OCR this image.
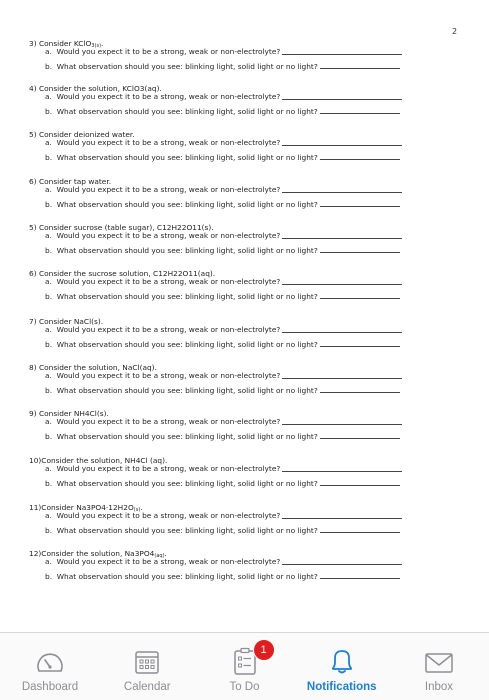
2
3) Consider KClO$_{3(s)}$.
a.  Would you expect it to be a strong, weak or non-electrolyte?
b.  What observation should you see: blinking light, solid light or no light?
4) Consider the solution, KClO3(aq).
a.  Would you expect it to be a strong, weak or non-electrolyte?
b.  What observation should you see: blinking light, solid light or no light?
5) Consider deionized water.
a.  Would you expect it to be a strong, weak or non-electrolyte?
b.  What observation should you see: blinking light, solid light or no light?
6) Consider tap water.
a.  Would you expect it to be a strong, weak or non-electrolyte?
b.  What observation should you see: blinking light, solid light or no light?
5) Consider sucrose (table sugar), C12H22O11(s).
a.  Would you expect it to be a strong, weak or non-electrolyte?
b.  What observation should you see: blinking light, solid light or no light?
6) Consider the sucrose solution, C12H22O11(aq).
a.  Would you expect it to be a strong, weak or non-electrolyte?
b.  What observation should you see: blinking light, solid light or no light?
7) Consider NaCl(s).
a.  Would you expect it to be a strong, weak or non-electrolyte?
b.  What observation should you see: blinking light, solid light or no light?
8) Consider the solution, NaCl(aq).
a.  Would you expect it to be a strong, weak or non-electrolyte?
b.  What observation should you see: blinking light, solid light or no light?
9) Consider NH4Cl(s).
a.  Would you expect it to be a strong, weak or non-electrolyte?
b.  What observation should you see: blinking light, solid light or no light?
10)Consider the solution, NH4Cl (aq).
a.  Would you expect it to be a strong, weak or non-electrolyte?
b.  What observation should you see: blinking light, solid light or no light?
11)Consider $Na3PO4\cdot 12H2O_{(s)}$.
a.  Would you expect it to be a strong, weak or non-electrolyte?
b.  What observation should you see: blinking light, solid light or no light?
12)Consider the solution, $Na3PO4_{(aq)}$.
a.  Would you expect it to be a strong, weak or non-electrolyte?
b.  What observation should you see: blinking light, solid light or no light?
Dashboard	Calendar
1
To Do	Notifications	Inbox
